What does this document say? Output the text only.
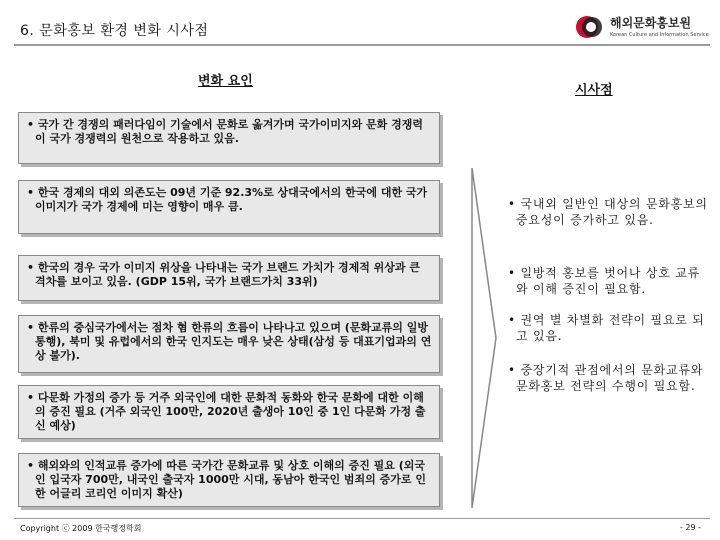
6. 문화홍보 환경 변화 시사점	해외문화홍보원
Korean Culture and Information Service
변화 요인
시사점
• 국가 간 경쟁의 패러다임이 기술에서 문화로 옮겨가며 국가이미지와 문화 경쟁력이 국가 경쟁력의 원천으로 작용하고 있음.
• 한국 경제의 대외 의존도는 09년 기준 92.3%로 상대국에서의 한국에 대한 국가 이미지가 국가 경제에 미는 영향이 매우 큼.
• 한국의 경우 국가 이미지 위상을 나타내는 국가 브랜드 가치가 경제적 위상과 큰 격차를 보이고 있음. (GDP 15위, 국가 브랜드가치 33위)
• 한류의 중심국가에서는 점차 혐 한류의 흐름이 나타나고 있으며 (문화교류의 일방통행), 북미 및 유럽에서의 한국 인지도는 매우 낮은 상태(삼성 등 대표기업과의 연상 불가).
• 다문화 가정의 증가 등 거주 외국인에 대한 문화적 동화와 한국 문화에 대한 이해의 증진 필요 (거주 외국인 100만, 2020년 출생아 10인 중 1인 다문화 가정 출신 예상)
• 해외와의 인적교류 증가에 따른 국가간 문화교류 및 상호 이해의 증진 필요 (외국인 입국자 700만, 내국인 출국자 1000만 시대, 동남아 한국인 범죄의 증가로 인한 어글리 코리언 이미지 확산)
• 국내외 일반인 대상의 문화홍보의 중요성이 증가하고 있음.
• 일방적 홍보를 벗어나 상호 교류와 이해 증진이 필요함.
• 권역 별 차별화 전략이 필요로 되고 있음.
• 중장기적 관점에서의 문화교류와 문화홍보 전략의 수행이 필요함.
Copyright ⓒ 2009 한국행정학회	- 29 -
